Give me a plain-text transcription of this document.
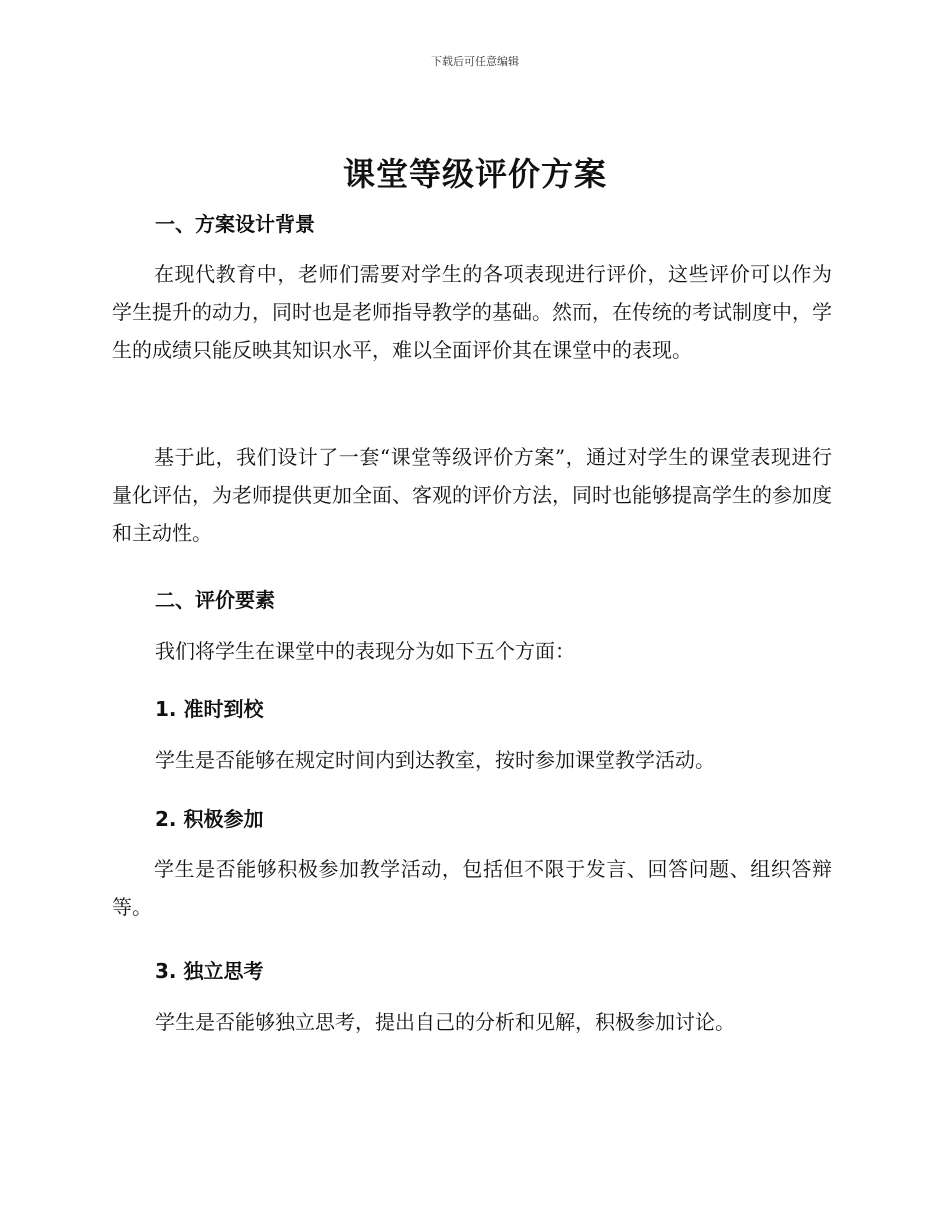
下载后可任意编辑
课堂等级评价方案
一、方案设计背景
在现代教育中，老师们需要对学生的各项表现进行评价，这些评价可以作为学生提升的动力，同时也是老师指导教学的基础。然而，在传统的考试制度中，学生的成绩只能反映其知识水平，难以全面评价其在课堂中的表现。
基于此，我们设计了一套“课堂等级评价方案”，通过对学生的课堂表现进行量化评估，为老师提供更加全面、客观的评价方法，同时也能够提高学生的参加度和主动性。
二、评价要素
我们将学生在课堂中的表现分为如下五个方面：
1. 准时到校
学生是否能够在规定时间内到达教室，按时参加课堂教学活动。
2. 积极参加
学生是否能够积极参加教学活动，包括但不限于发言、回答问题、组织答辩等。
3. 独立思考
学生是否能够独立思考，提出自己的分析和见解，积极参加讨论。
